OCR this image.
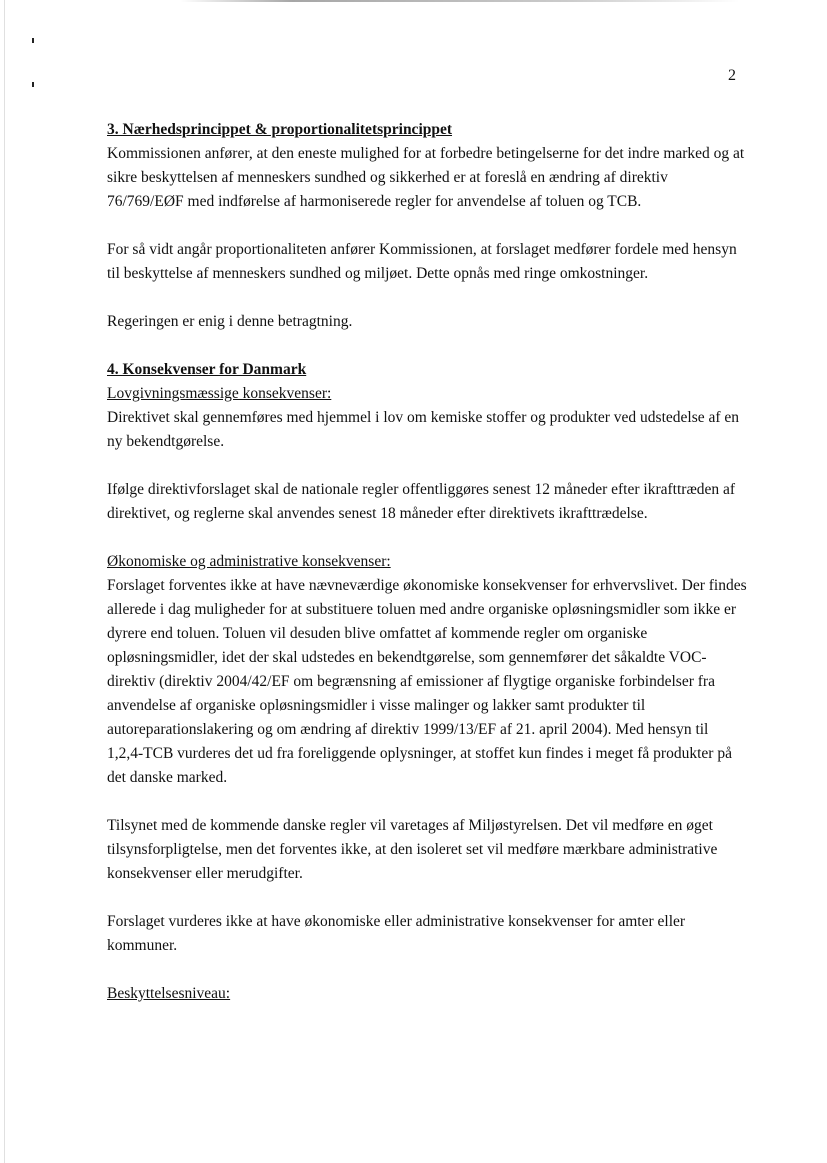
2

3. Nærhedsprincippet & proportionalitetsprincippet

Kommissionen anfører, at den eneste mulighed for at forbedre betingelserne for det indre marked og at sikre beskyttelsen af menneskers sundhed og sikkerhed er at foreslå en ændring af direktiv 76/769/EØF med indførelse af harmoniserede regler for anvendelse af toluen og TCB.

For så vidt angår proportionaliteten anfører Kommissionen, at forslaget medfører fordele med hensyn til beskyttelse af menneskers sundhed og miljøet. Dette opnås med ringe omkostninger.

Regeringen er enig i denne betragtning.

4. Konsekvenser for Danmark

Lovgivningsmæssige konsekvenser:

Direktivet skal gennemføres med hjemmel i lov om kemiske stoffer og produkter ved udstedelse af en ny bekendtgørelse.

Ifølge direktivforslaget skal de nationale regler offentliggøres senest 12 måneder efter ikrafttræden af direktivet, og reglerne skal anvendes senest 18 måneder efter direktivets ikrafttrædelse.

Økonomiske og administrative konsekvenser:

Forslaget forventes ikke at have nævneværdige økonomiske konsekvenser for erhvervslivet. Der findes allerede i dag muligheder for at substituere toluen med andre organiske opløsningsmidler som ikke er dyrere end toluen. Toluen vil desuden blive omfattet af kommende regler om organiske opløsningsmidler, idet der skal udstedes en bekendtgørelse, som gennemfører det såkaldte VOC-direktiv (direktiv 2004/42/EF om begrænsning af emissioner af flygtige organiske forbindelser fra anvendelse af organiske opløsningsmidler i visse malinger og lakker samt produkter til autoreparationslakering og om ændring af direktiv 1999/13/EF af 21. april 2004). Med hensyn til 1,2,4-TCB vurderes det ud fra foreliggende oplysninger, at stoffet kun findes i meget få produkter på det danske marked.

Tilsynet med de kommende danske regler vil varetages af Miljøstyrelsen. Det vil medføre en øget tilsynsforpligtelse, men det forventes ikke, at den isoleret set vil medføre mærkbare administrative konsekvenser eller merudgifter.

Forslaget vurderes ikke at have økonomiske eller administrative konsekvenser for amter eller kommuner.

Beskyttelsesniveau:
